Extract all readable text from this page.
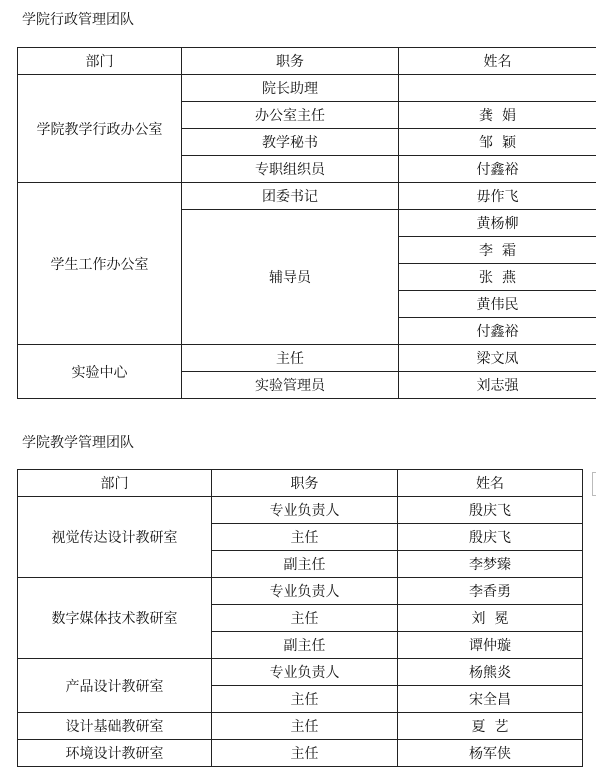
学院行政管理团队
部门	职务	姓名
学院教学行政办公室	院长助理	
	办公室主任	龚  娟
	教学秘书	邹  颖
	专职组织员	付鑫裕
学生工作办公室	团委书记	毋作飞
	辅导员	黄杨柳
		李  霜
		张  燕
		黄伟民
		付鑫裕
实验中心	主任	梁文凤
	实验管理员	刘志强
学院教学管理团队
部门	职务	姓名
视觉传达设计教研室	专业负责人	殷庆飞
	主任	殷庆飞
	副主任	李梦臻
数字媒体技术教研室	专业负责人	李香勇
	主任	刘  冕
	副主任	谭仲璇
产品设计教研室	专业负责人	杨熊炎
	主任	宋全昌
设计基础教研室	主任	夏  艺
环境设计教研室	主任	杨军侠
